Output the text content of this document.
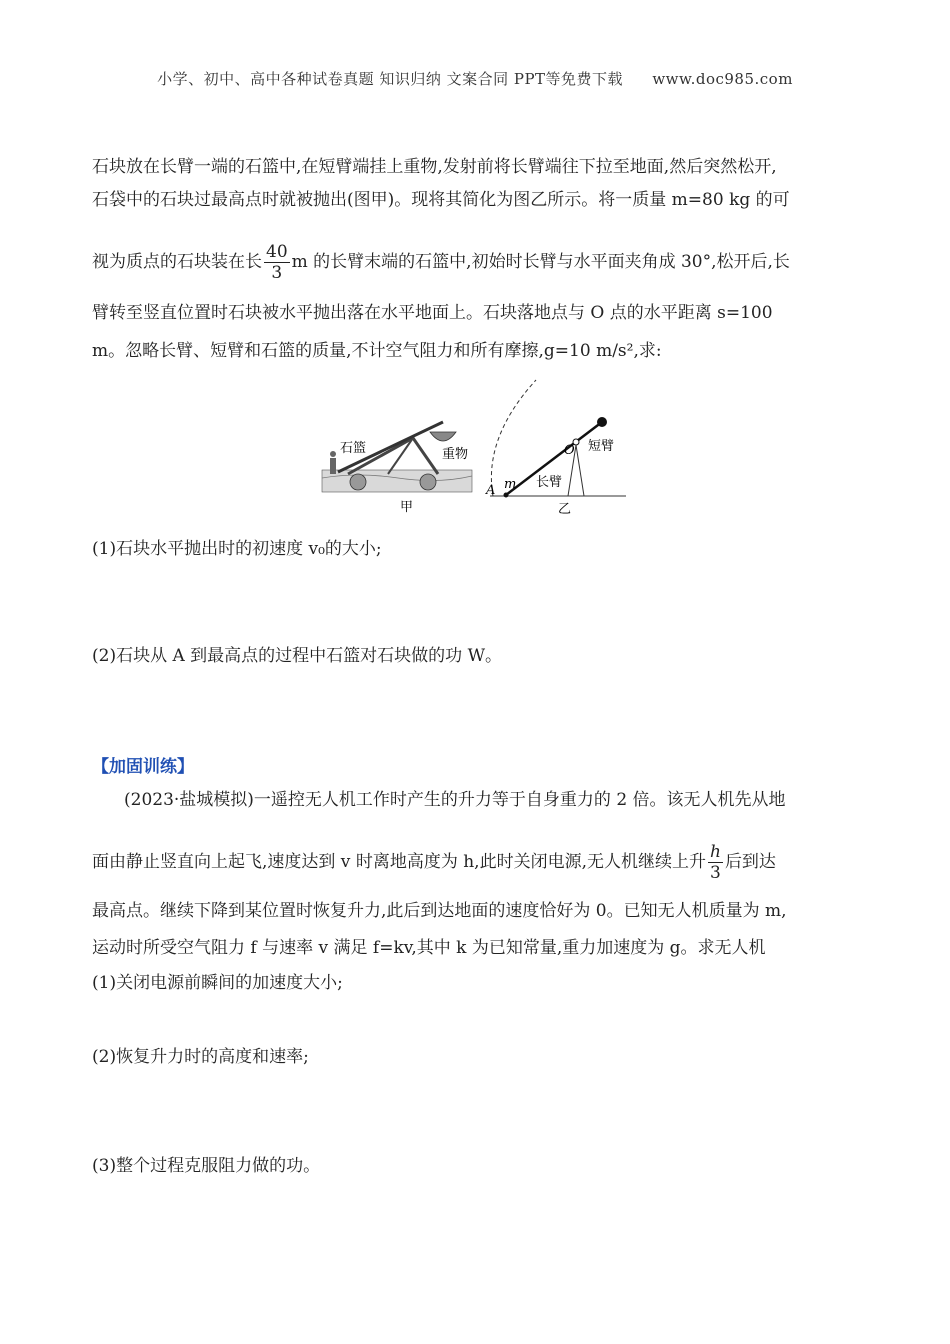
小学、初中、高中各种试卷真题 知识归纳 文案合同 PPT等免费下载 www.doc985.com
石块放在长臂一端的石篮中,在短臂端挂上重物,发射前将长臂端往下拉至地面,然后突然松开,
石袋中的石块过最高点时就被抛出(图甲)。现将其简化为图乙所示。将一质量 m=80 kg 的可
视为质点的石块装在长 $\frac{40}{3}$ m 的长臂末端的石篮中,初始时长臂与水平面夹角成 30°,松开后,长
臂转至竖直位置时石块被水平抛出落在水平地面上。石块落地点与 O 点的水平距离 s=100
m。忽略长臂、短臂和石篮的质量,不计空气阻力和所有摩擦,g=10 m/s²,求:
石篮	重物
甲
A m
O
长臂
短臂
乙
(1)石块水平抛出时的初速度 v₀的大小;
(2)石块从 A 到最高点的过程中石篮对石块做的功 W。
【加固训练】
(2023·盐城模拟)一遥控无人机工作时产生的升力等于自身重力的 2 倍。该无人机先从地
面由静止竖直向上起飞,速度达到 v 时离地高度为 h,此时关闭电源,无人机继续上升 $\frac{h}{3}$ 后到达
最高点。继续下降到某位置时恢复升力,此后到达地面的速度恰好为 0。已知无人机质量为 m,
运动时所受空气阻力 f 与速率 v 满足 f=kv,其中 k 为已知常量,重力加速度为 g。求无人机
(1)关闭电源前瞬间的加速度大小;
(2)恢复升力时的高度和速率;
(3)整个过程克服阻力做的功。
